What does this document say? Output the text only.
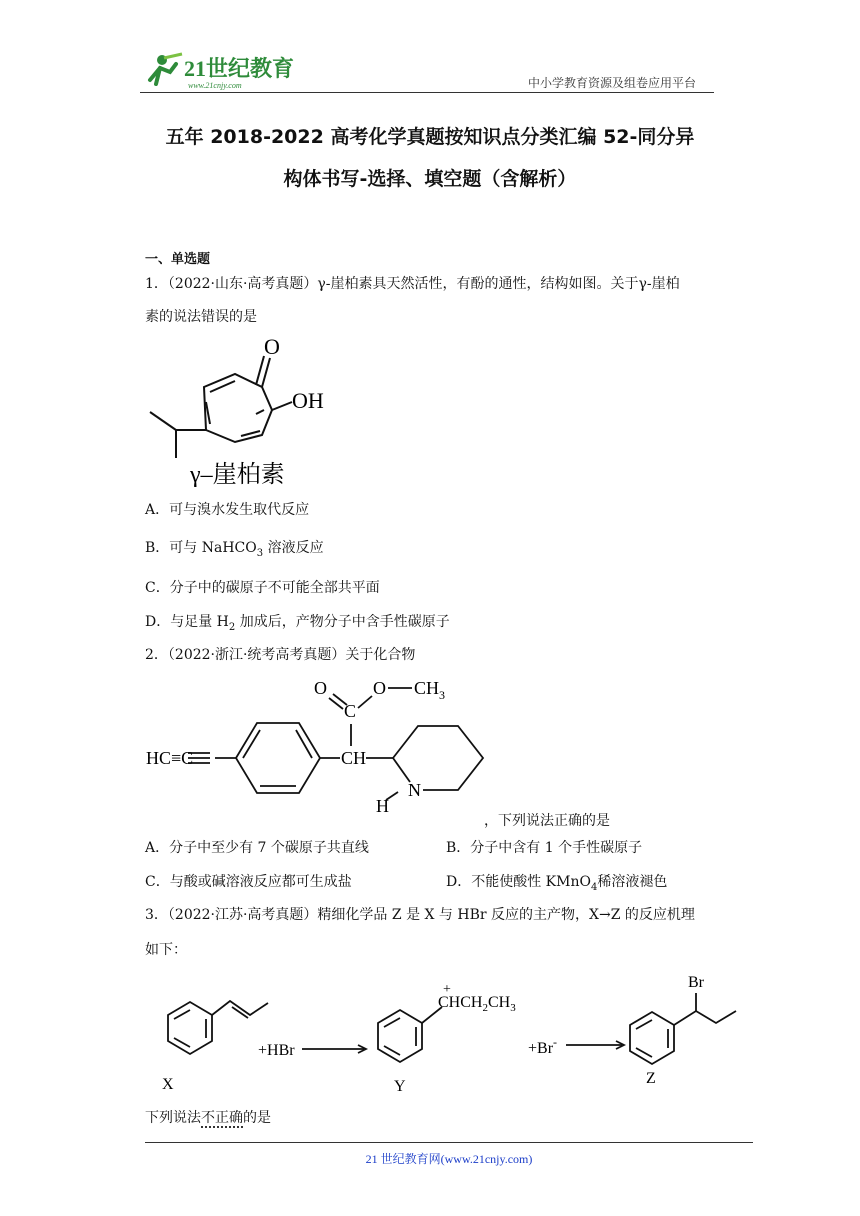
21世纪教育
www.21cnjy.com	中小学教育资源及组卷应用平台
五年 2018-2022 高考化学真题按知识点分类汇编 52-同分异
构体书写-选择、填空题（含解析）
一、单选题
1．（2022·山东·高考真题）γ-崖柏素具天然活性，有酚的通性，结构如图。关于γ-崖柏
素的说法错误的是
O
OH
γ–崖柏素
A．可与溴水发生取代反应
B．可与 NaHCO$_3$ 溶液反应
C．分子中的碳原子不可能全部共平面
D．与足量 $H_2$ 加成后，产物分子中含手性碳原子
2．（2022·浙江·统考高考真题）关于化合物
O
C
O $CH_3$
HC≡C	CH
N
H
，下列说法正确的是
A．分子中至少有 7 个碳原子共直线	B．分子中含有 1 个手性碳原子
C．与酸或碱溶液反应都可生成盐	D．不能使酸性 KMnO$_4$稀溶液褪色
3．（2022·江苏·高考真题）精细化学品 Z 是 X 与 HBr 反应的主产物，X→Z 的反应机理
如下：
X
+HBr
Y
+
$CHCH_2CH_3$
+Br-
Z
Br
下列说法不正确的是
21 世纪教育网(www.21cnjy.com)
